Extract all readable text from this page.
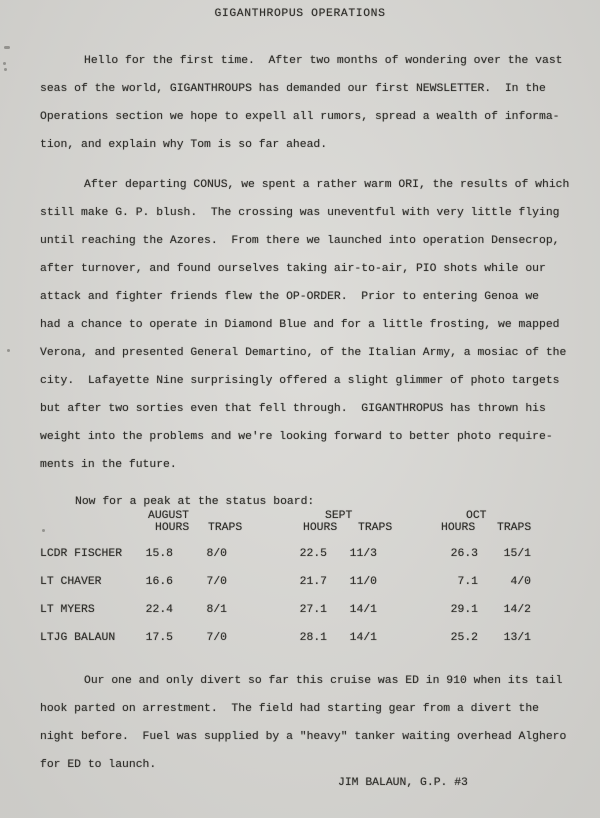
GIGANTHROPUS OPERATIONS
Hello for the first time.  After two months of wondering over the vast
seas of the world, GIGANTHROUPS has demanded our first NEWSLETTER.  In the
Operations section we hope to expell all rumors, spread a wealth of informa-
tion, and explain why Tom is so far ahead.
After departing CONUS, we spent a rather warm ORI, the results of which
still make G. P. blush.  The crossing was uneventful with very little flying
until reaching the Azores.  From there we launched into operation Densecrop,
after turnover, and found ourselves taking air-to-air, PIO shots while our
attack and fighter friends flew the OP-ORDER.  Prior to entering Genoa we
had a chance to operate in Diamond Blue and for a little frosting, we mapped
Verona, and presented General Demartino, of the Italian Army, a mosiac of the
city.  Lafayette Nine surprisingly offered a slight glimmer of photo targets
but after two sorties even that fell through.  GIGANTHROPUS has thrown his
weight into the problems and we're looking forward to better photo require-
ments in the future.
Now for a peak at the status board:
AUGUST	SEPT	OCT
HOURS TRAPS	HOURS TRAPS	HOURS TRAPS
LCDR FISCHER	15.8	8/0	22.5	11/3	26.3	15/1
LT CHAVER	16.6	7/0	21.7	11/0	7.1	4/0
LT MYERS	22.4	8/1	27.1	14/1	29.1	14/2
LTJG BALAUN	17.5	7/0	28.1	14/1	25.2	13/1
Our one and only divert so far this cruise was ED in 910 when its tail
hook parted on arrestment.  The field had starting gear from a divert the
night before.  Fuel was supplied by a "heavy" tanker waiting overhead Alghero
for ED to launch.
JIM BALAUN, G.P. #3
